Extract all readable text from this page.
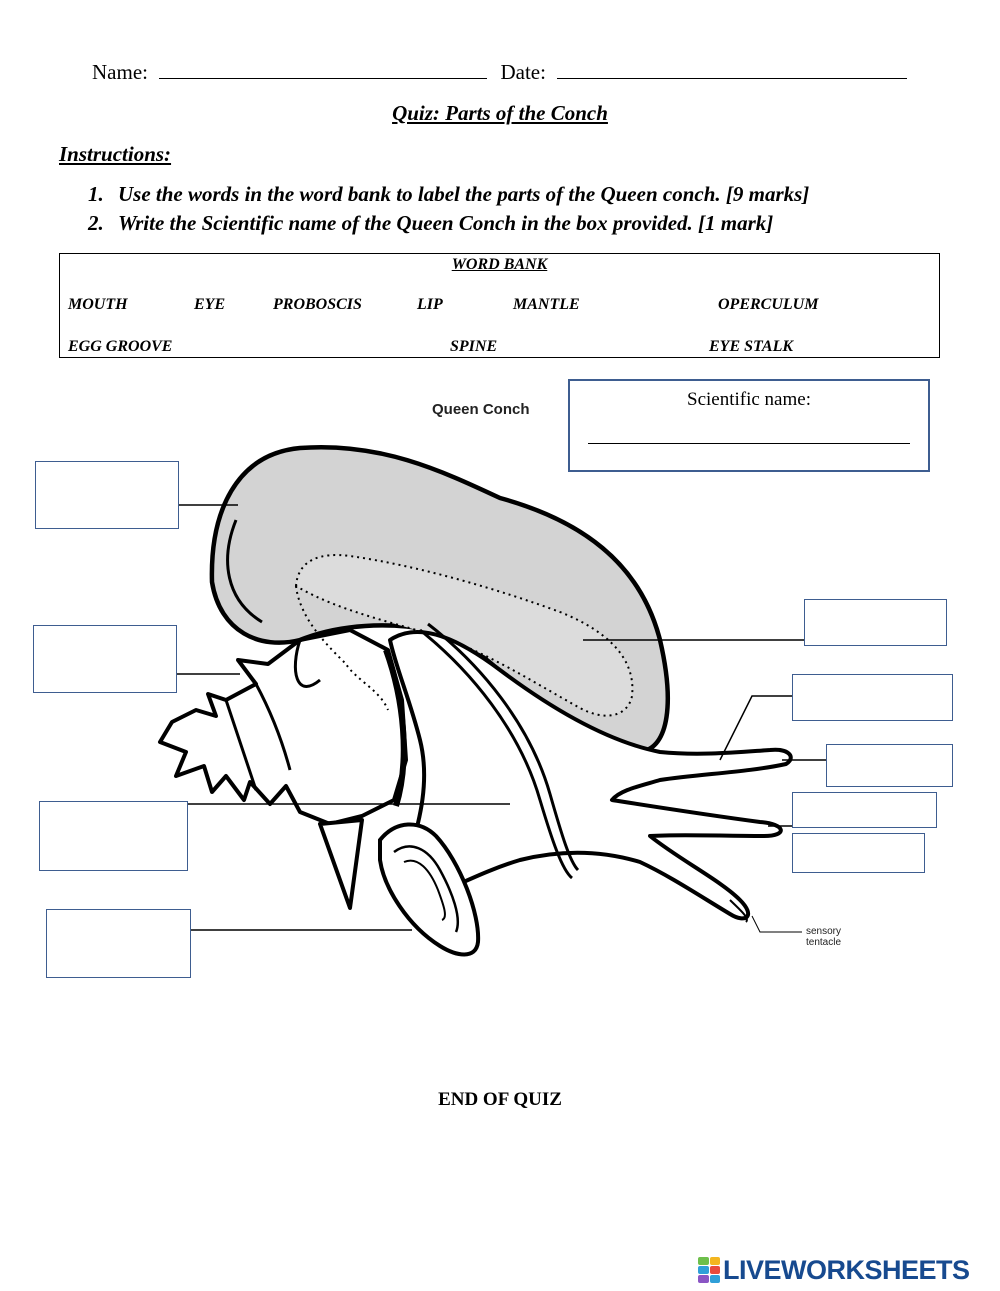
Name:	Date:
Quiz: Parts of the Conch
Instructions:
1. Use the words in the word bank to label the parts of the Queen conch. [9 marks]
2. Write the Scientific name of the Queen Conch in the box provided. [1 mark]
WORD BANK
MOUTH	EYE	PROBOSCIS	LIP	MANTLE	OPERCULUM
EGG GROOVE	SPINE	EYE STALK
Queen Conch
sensory
tentacle
Scientific name:
END OF QUIZ
LIVEWORKSHEETS
